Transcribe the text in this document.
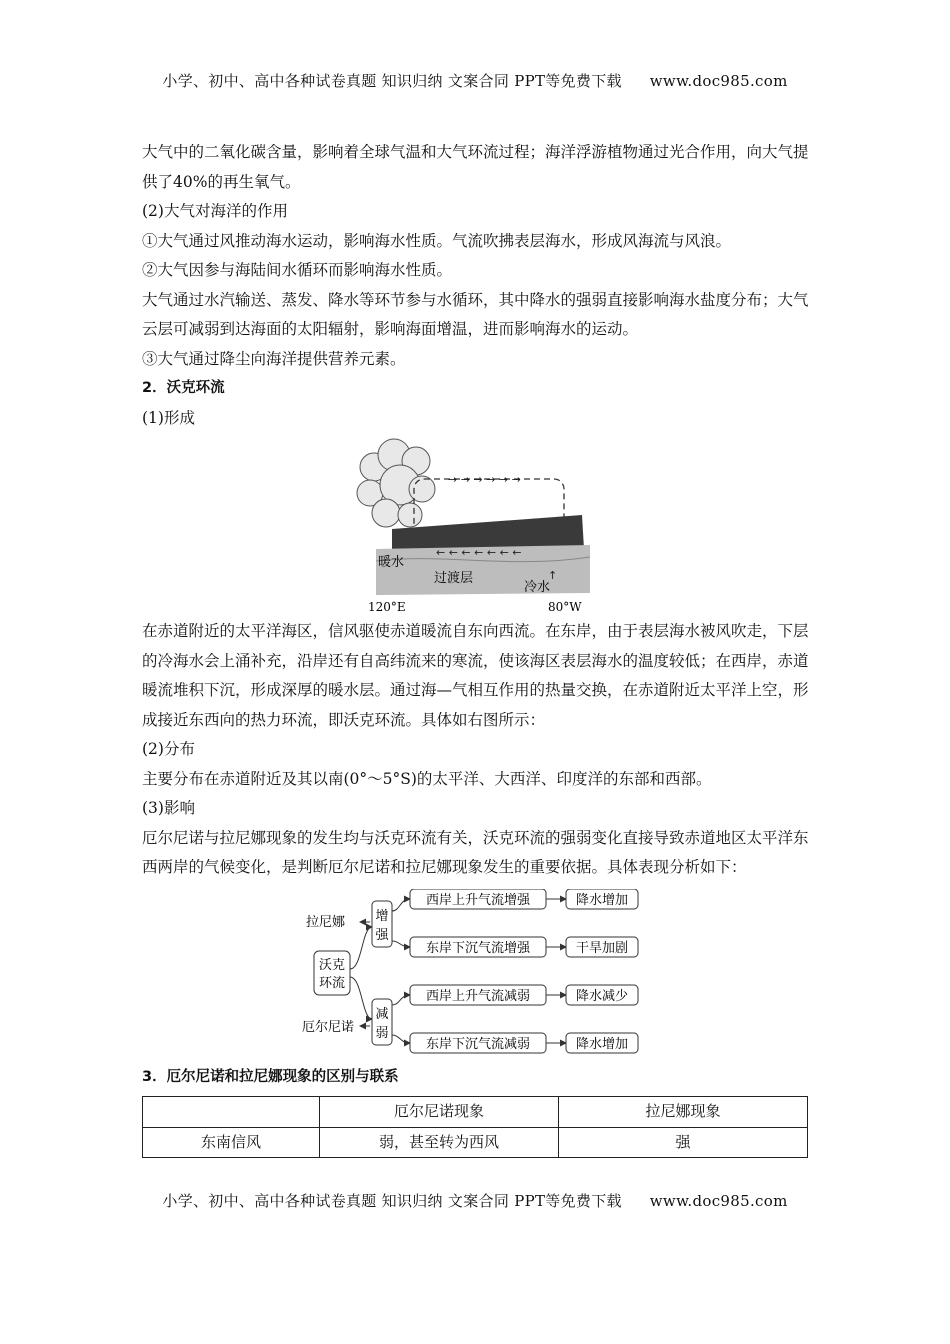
小学、初中、高中各种试卷真题 知识归纳 文案合同 PPT等免费下载 www.doc985.com

大气中的二氧化碳含量，影响着全球气温和大气环流过程；海洋浮游植物通过光合作用，向大气提供了40%的再生氧气。

(2)大气对海洋的作用

①大气通过风推动海水运动，影响海水性质。气流吹拂表层海水，形成风海流与风浪。

②大气因参与海陆间水循环而影响海水性质。

大气通过水汽输送、蒸发、降水等环节参与水循环，其中降水的强弱直接影响海水盐度分布；大气云层可减弱到达海面的太阳辐射，影响海面增温，进而影响海水的运动。

③大气通过降尘向海洋提供营养元素。

2．沃克环流

(1)形成

→ → → → → →
← ← ← ← ← ← ←
↑
暖水
过渡层
冷水
120°E	80°W

在赤道附近的太平洋海区，信风驱使赤道暖流自东向西流。在东岸，由于表层海水被风吹走，下层的冷海水会上涌补充，沿岸还有自高纬流来的寒流，使该海区表层海水的温度较低；在西岸，赤道暖流堆积下沉，形成深厚的暖水层。通过海—气相互作用的热量交换，在赤道附近太平洋上空，形成接近东西向的热力环流，即沃克环流。具体如右图所示：

(2)分布

主要分布在赤道附近及其以南(0°～5°S)的太平洋、大西洋、印度洋的东部和西部。

(3)影响

厄尔尼诺与拉尼娜现象的发生均与沃克环流有关，沃克环流的强弱变化直接导致赤道地区太平洋东西两岸的气候变化，是判断厄尔尼诺和拉尼娜现象发生的重要依据。具体表现分析如下：

拉尼娜
厄尔尼诺
沃克
环流
增
强
减
弱
西岸上升气流增强
东岸下沉气流增强
西岸上升气流减弱
东岸下沉气流减弱
降水增加
干旱加剧
降水减少
降水增加

3．厄尔尼诺和拉尼娜现象的区别与联系

	厄尔尼诺现象	拉尼娜现象
东南信风	弱，甚至转为西风	强
小学、初中、高中各种试卷真题 知识归纳 文案合同 PPT等免费下载 www.doc985.com
